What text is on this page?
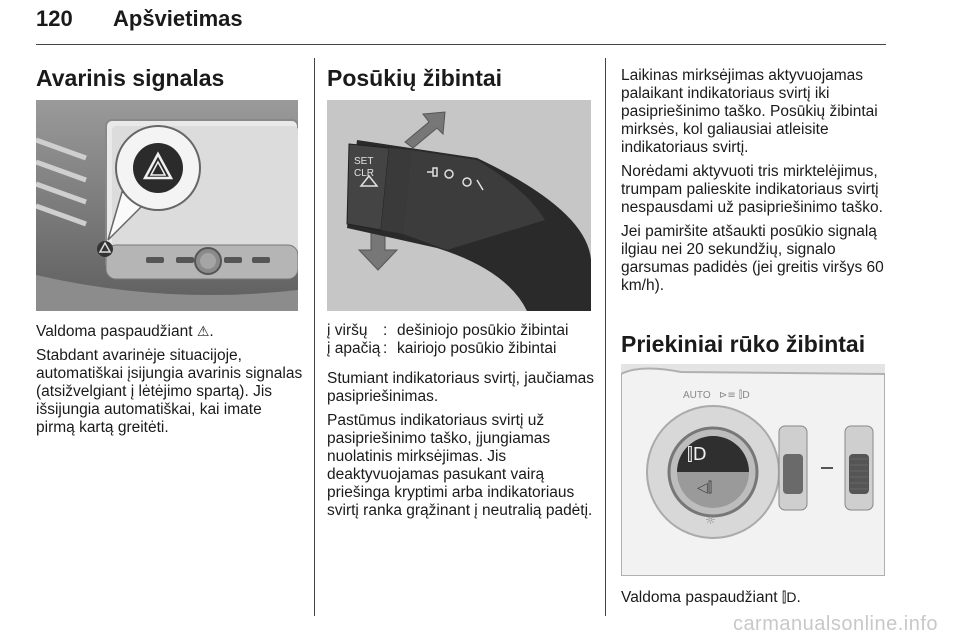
120 Apšvietimas
Avarinis signalas
Valdoma paspaudžiant ⚠.
Stabdant avarinėje situacijoje, automatiškai įsijungia avarinis signalas (atsižvelgiant į lėtėjimo spartą). Jis išsijungia automatiškai, kai imate pirmą kartą greitėti.
Posūkių žibintai
SET
CLR
į viršų	:	dešiniojo posūkio žibintai
į apačią	:	kairiojo posūkio žibintai
Stumiant indikatoriaus svirtį, jaučiamas pasipriešinimas.
Pastūmus indikatoriaus svirtį už pasipriešinimo taško, įjungiamas nuolatinis mirksėjimas. Jis deaktyvuojamas pasukant vairą priešinga kryptimi arba indikatoriaus svirtį ranka grąžinant į neutralią padėtį.
Laikinas mirksėjimas aktyvuojamas palaikant indikatoriaus svirtį iki pasipriešinimo taško. Posūkių žibintai mirksės, kol galiausiai atleisite indikatoriaus svirtį.
Norėdami aktyvuoti tris mirktelėjimus, trumpam palieskite indikatoriaus svirtį nespausdami už pasipriešinimo taško.
Jei pamiršite atšaukti posūkio signalą ilgiau nei 20 sekundžių, signalo garsumas padidės (jei greitis viršys 60 km/h).
Priekiniai rūko žibintai
⫿D
◁⫿
AUTO ⊳≡ ⫿D
☼
Valdoma paspaudžiant ⫿D.
carmanualsonline.info
